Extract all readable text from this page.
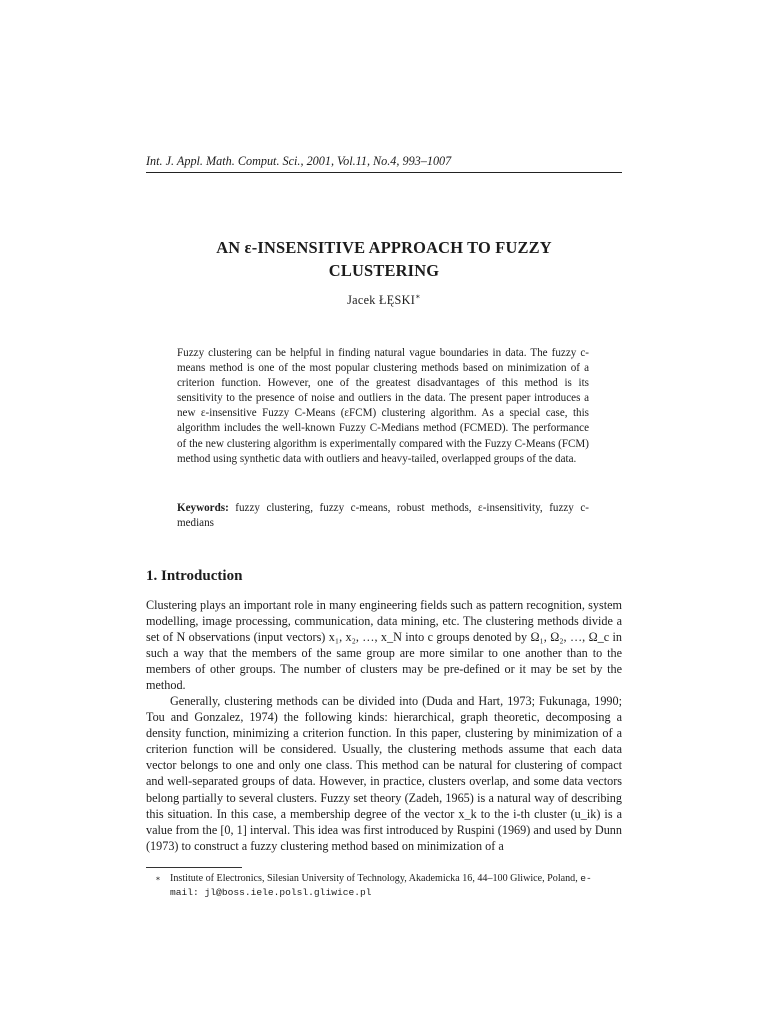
Int. J. Appl. Math. Comput. Sci., 2001, Vol.11, No.4, 993–1007
AN ε-INSENSITIVE APPROACH TO FUZZY
CLUSTERING
Jacek ŁĘSKI∗

Fuzzy clustering can be helpful in finding natural vague boundaries in data. The fuzzy c-means method is one of the most popular clustering methods based on minimization of a criterion function. However, one of the greatest disadvantages of this method is its sensitivity to the presence of noise and outliers in the data. The present paper introduces a new ε-insensitive Fuzzy C-Means (εFCM) clustering algorithm. As a special case, this algorithm includes the well-known Fuzzy C-Medians method (FCMED). The performance of the new clustering algorithm is experimentally compared with the Fuzzy C-Means (FCM) method using synthetic data with outliers and heavy-tailed, overlapped groups of the data.

Keywords: fuzzy clustering, fuzzy c-means, robust methods, ε-insensitivity, fuzzy c-medians

1. Introduction

Clustering plays an important role in many engineering fields such as pattern recognition, system modelling, image processing, communication, data mining, etc. The clustering methods divide a set of N observations (input vectors) x₁, x₂, …, x_N into c groups denoted by Ω₁, Ω₂, …, Ω_c in such a way that the members of the same group are more similar to one another than to the members of other groups. The number of clusters may be pre-defined or it may be set by the method.

Generally, clustering methods can be divided into (Duda and Hart, 1973; Fukunaga, 1990; Tou and Gonzalez, 1974) the following kinds: hierarchical, graph theoretic, decomposing a density function, minimizing a criterion function. In this paper, clustering by minimization of a criterion function will be considered. Usually, the clustering methods assume that each data vector belongs to one and only one class. This method can be natural for clustering of compact and well-separated groups of data. However, in practice, clusters overlap, and some data vectors belong partially to several clusters. Fuzzy set theory (Zadeh, 1965) is a natural way of describing this situation. In this case, a membership degree of the vector x_k to the i-th cluster (u_ik) is a value from the [0, 1] interval. This idea was first introduced by Ruspini (1969) and used by Dunn (1973) to construct a fuzzy clustering method based on minimization of a

∗ Institute of Electronics, Silesian University of Technology, Akademicka 16, 44–100 Gliwice, Poland, e-mail: jl@boss.iele.polsl.gliwice.pl
